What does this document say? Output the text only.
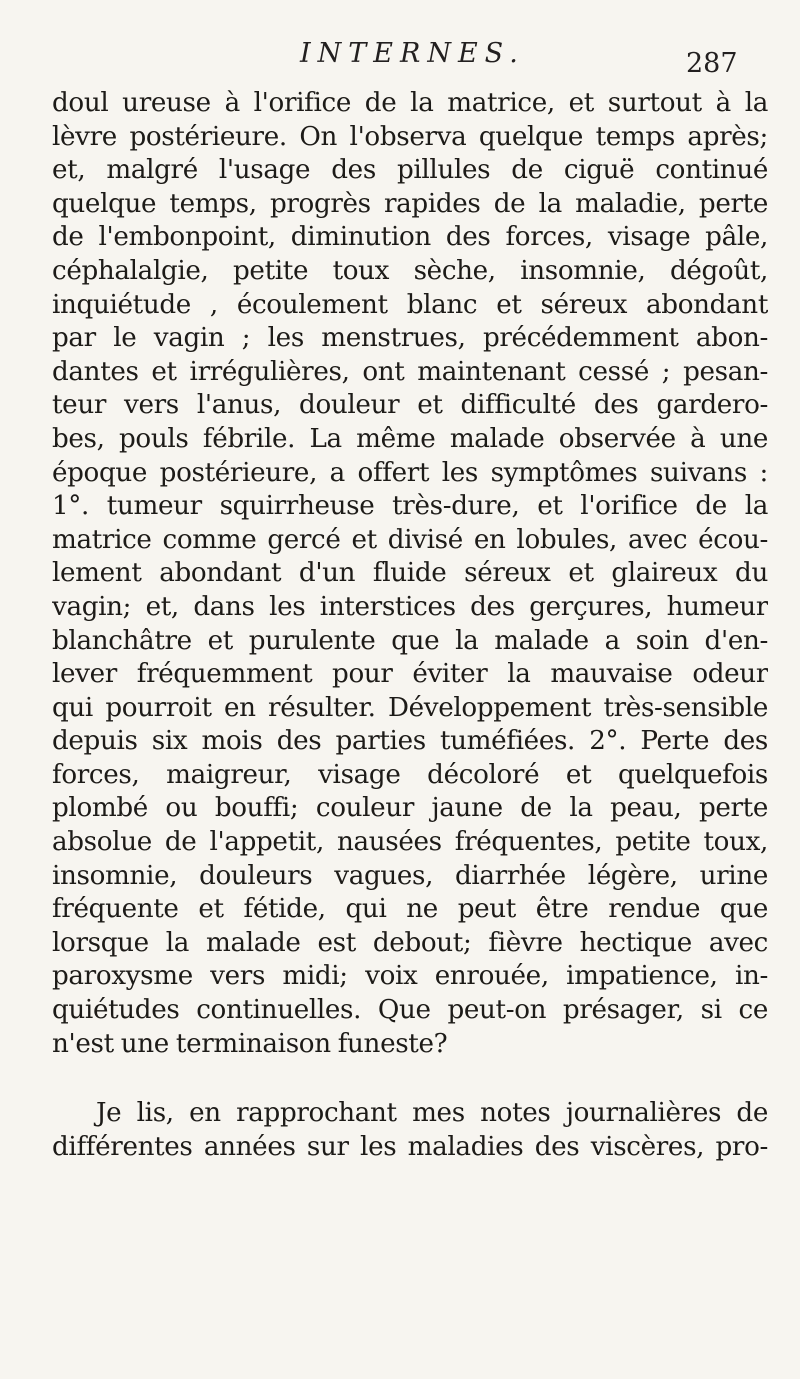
INTERNES.	287
doul ureuse à l'orifice de la matrice, et surtout à la
lèvre postérieure. On l'observa quelque temps après;
et, malgré l'usage des pillules de ciguë continué
quelque temps, progrès rapides de la maladie, perte
de l'embonpoint, diminution des forces, visage pâle,
céphalalgie, petite toux sèche, insomnie, dégoût,
inquiétude , écoulement blanc et séreux abondant
par le vagin ; les menstrues, précédemment abon-
dantes et irrégulières, ont maintenant cessé ; pesan-
teur vers l'anus, douleur et difficulté des gardero-
bes, pouls fébrile. La même malade observée à une
époque postérieure, a offert les symptômes suivans :
1°. tumeur squirrheuse très-dure, et l'orifice de la
matrice comme gercé et divisé en lobules, avec écou-
lement abondant d'un fluide séreux et glaireux du
vagin; et, dans les interstices des gerçures, humeur
blanchâtre et purulente que la malade a soin d'en-
lever fréquemment pour éviter la mauvaise odeur
qui pourroit en résulter. Développement très-sensible
depuis six mois des parties tuméfiées. 2°. Perte des
forces, maigreur, visage décoloré et quelquefois
plombé ou bouffi; couleur jaune de la peau, perte
absolue de l'appetit, nausées fréquentes, petite toux,
insomnie, douleurs vagues, diarrhée légère, urine
fréquente et fétide, qui ne peut être rendue que
lorsque la malade est debout; fièvre hectique avec
paroxysme vers midi; voix enrouée, impatience, in-
quiétudes continuelles. Que peut-on présager, si ce
n'est une terminaison funeste?
Je lis, en rapprochant mes notes journalières de
différentes années sur les maladies des viscères, pro-
